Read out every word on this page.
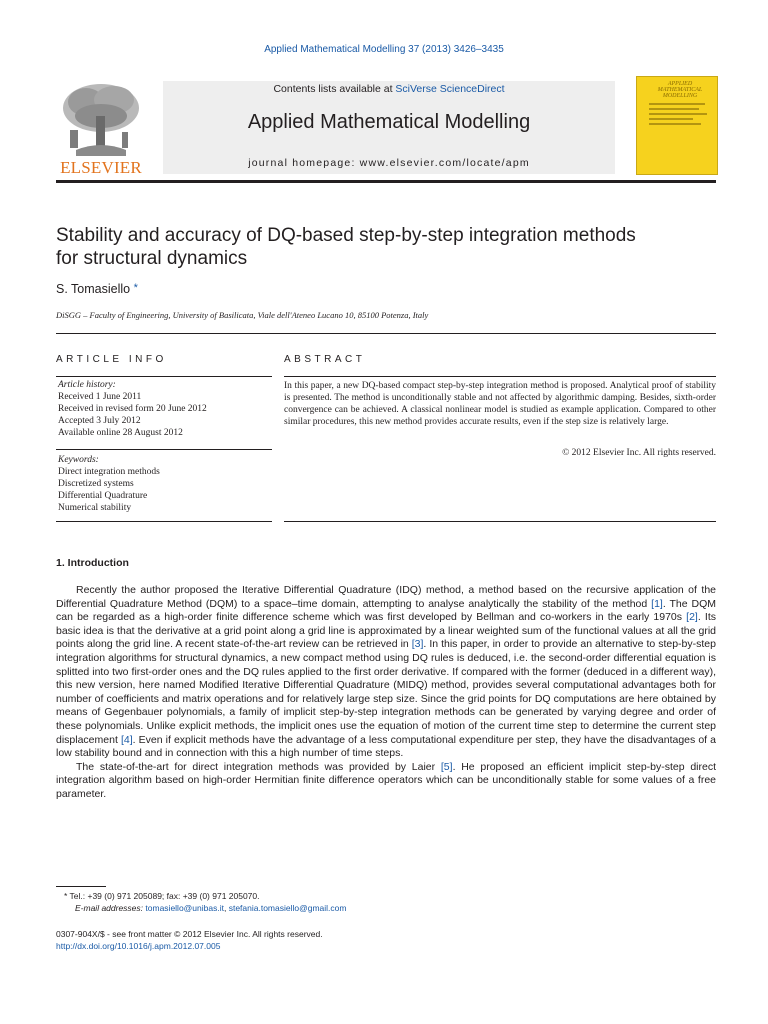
Applied Mathematical Modelling 37 (2013) 3426–3435
ELSEVIER
Contents lists available at SciVerse ScienceDirect
Applied Mathematical Modelling
journal homepage: www.elsevier.com/locate/apm
APPLIED MATHEMATICAL MODELLING
Stability and accuracy of DQ-based step-by-step integration methods
for structural dynamics
S. Tomasiello *
DiSGG – Faculty of Engineering, University of Basilicata, Viale dell'Ateneo Lucano 10, 85100 Potenza, Italy
ARTICLE INFO
Article history:
Received 1 June 2011
Received in revised form 20 June 2012
Accepted 3 July 2012
Available online 28 August 2012
Keywords:
Direct integration methods
Discretized systems
Differential Quadrature
Numerical stability
ABSTRACT
In this paper, a new DQ-based compact step-by-step integration method is proposed. Analytical proof of stability is presented. The method is unconditionally stable and not affected by algorithmic damping. Besides, sixth-order convergence can be achieved. A classical nonlinear model is studied as example application. Compared to other similar procedures, this new method provides accurate results, even if the step size is relatively large.
© 2012 Elsevier Inc. All rights reserved.
1. Introduction

Recently the author proposed the Iterative Differential Quadrature (IDQ) method, a method based on the recursive application of the Differential Quadrature Method (DQM) to a space–time domain, attempting to analyse analytically the stability of the method [1]. The DQM can be regarded as a high-order finite difference scheme which was first developed by Bellman and co-workers in the early 1970s [2]. Its basic idea is that the derivative at a grid point along a grid line is approximated by a linear weighted sum of the functional values at all the grid points along the grid line. A recent state-of-the-art review can be retrieved in [3]. In this paper, in order to provide an alternative to step-by-step integration algorithms for structural dynamics, a new compact method using DQ rules is deduced, i.e. the second-order differential equation is splitted into two first-order ones and the DQ rules applied to the first order derivative. If compared with the former (deduced in a different way), this new version, here named Modified Iterative Differential Quadrature (MIDQ) method, provides several computational advantages both for number of coefficients and matrix operations and for relatively large step size. Since the grid points for DQ computations are here obtained by means of Gegenbauer polynomials, a family of implicit step-by-step integration methods can be generated by varying degree and order of these polynomials. Unlike explicit methods, the implicit ones use the equation of motion of the current time step to determine the current step displacement [4]. Even if explicit methods have the advantage of a less computational expenditure per step, they have the disadvantages of a low stability bound and in connection with this a high number of time steps.

The state-of-the-art for direct integration methods was provided by Laier [5]. He proposed an efficient implicit step-by-step direct integration algorithm based on high-order Hermitian finite difference operators which can be unconditionally stable for some values of a free parameter.

* Tel.: +39 (0) 971 205089; fax: +39 (0) 971 205070.
E-mail addresses: tomasiello@unibas.it, stefania.tomasiello@gmail.com
0307-904X/$ - see front matter © 2012 Elsevier Inc. All rights reserved.
http://dx.doi.org/10.1016/j.apm.2012.07.005
